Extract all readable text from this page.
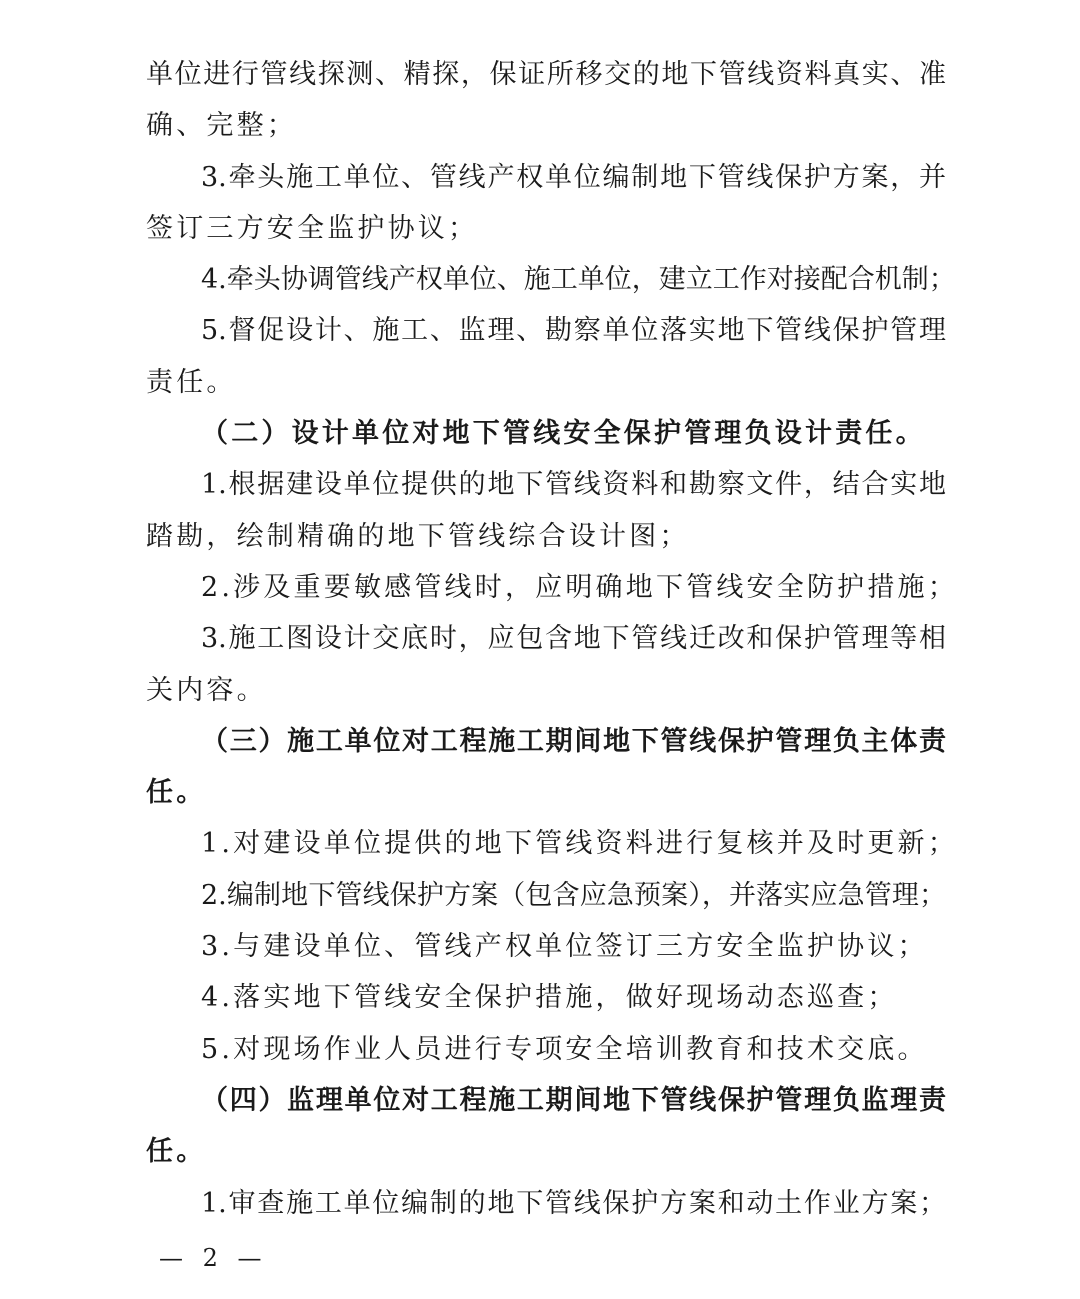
单位进行管线探测、精探，保证所移交的地下管线资料真实、准
确、完整；
3.牵头施工单位、管线产权单位编制地下管线保护方案，并
签订三方安全监护协议；
4.牵头协调管线产权单位、施工单位，建立工作对接配合机制；
5.督促设计、施工、监理、勘察单位落实地下管线保护管理
责任。
（二）设计单位对地下管线安全保护管理负设计责任。
1.根据建设单位提供的地下管线资料和勘察文件，结合实地
踏勘，绘制精确的地下管线综合设计图；
2.涉及重要敏感管线时，应明确地下管线安全防护措施；
3.施工图设计交底时，应包含地下管线迁改和保护管理等相
关内容。
（三）施工单位对工程施工期间地下管线保护管理负主体责
任。
1.对建设单位提供的地下管线资料进行复核并及时更新；
2.编制地下管线保护方案（包含应急预案），并落实应急管理；
3.与建设单位、管线产权单位签订三方安全监护协议；
4.落实地下管线安全保护措施，做好现场动态巡查；
5.对现场作业人员进行专项安全培训教育和技术交底。
（四）监理单位对工程施工期间地下管线保护管理负监理责
任。
1.审查施工单位编制的地下管线保护方案和动土作业方案；
— 2 —
